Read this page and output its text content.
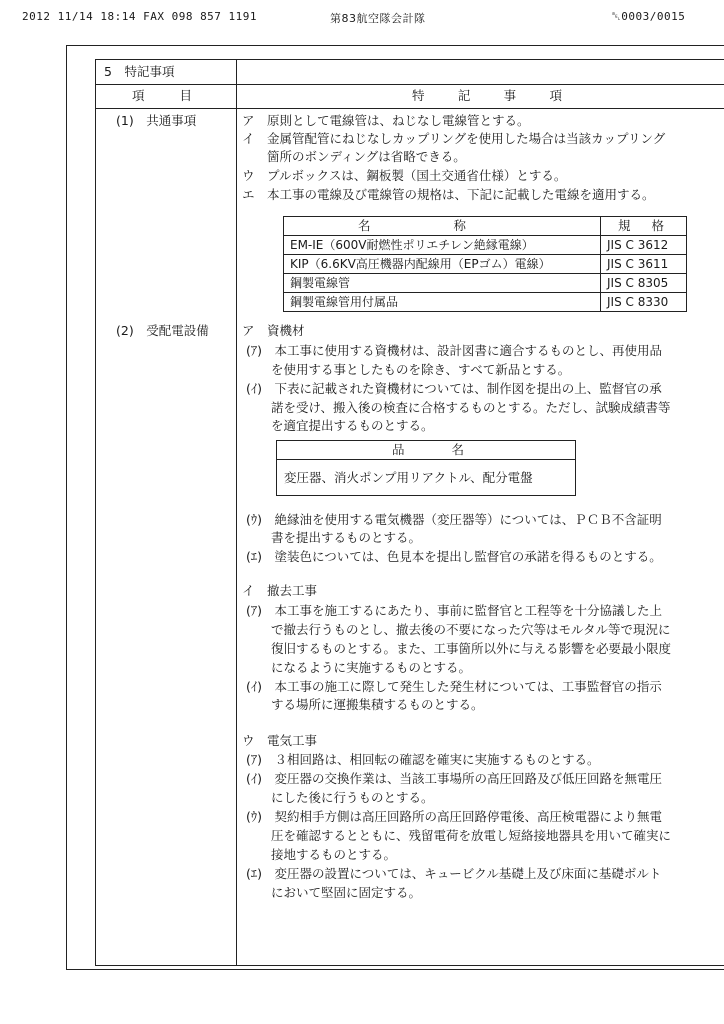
2012 11/14 18:14 FAX 098 857 1191	第83航空隊会計隊	␇0003/0015
5　特記事項
項	目	特	記	事	項
(1)　共通事項	ア　原則として電線管は、ねじなし電線管とする。
イ　金属管配管にねじなしカップリングを使用した場合は当該カップリング
　　箇所のボンディングは省略できる。
ウ　プルボックスは、鋼板製（国土交通省仕様）とする。
エ　本工事の電線及び電線管の規格は、下記に記載した電線を適用する。
名	称	規 格
EM-IE（600V耐燃性ポリエチレン絶縁電線）	JIS C 3612
KIP（6.6KV高圧機器内配線用（EPゴム）電線）	JIS C 3611
鋼製電線管	JIS C 8305
鋼製電線管用付属品	JIS C 8330
(2)　受配電設備	ア　資機材
(ｱ)　本工事に使用する資機材は、設計図書に適合するものとし、再使用品
　　を使用する事としたものを除き、すべて新品とする。
(ｲ)　下表に記載された資機材については、制作図を提出の上、監督官の承
　　諾を受け、搬入後の検査に合格するものとする。ただし、試験成績書等
　　を適宜提出するものとする。
品	名
変圧器、消火ポンプ用リアクトル、配分電盤
(ｳ)　絶縁油を使用する電気機器（変圧器等）については、ＰＣＢ不含証明
　　書を提出するものとする。
(ｴ)　塗装色については、色見本を提出し監督官の承諾を得るものとする。
イ　撤去工事
(ｱ)　本工事を施工するにあたり、事前に監督官と工程等を十分協議した上
　　で撤去行うものとし、撤去後の不要になった穴等はモルタル等で現況に
　　復旧するものとする。また、工事箇所以外に与える影響を必要最小限度
　　になるように実施するものとする。
(ｲ)　本工事の施工に際して発生した発生材については、工事監督官の指示
　　する場所に運搬集積するものとする。
ウ　電気工事
(ｱ)　３相回路は、相回転の確認を確実に実施するものとする。
(ｲ)　変圧器の交換作業は、当該工事場所の高圧回路及び低圧回路を無電圧
　　にした後に行うものとする。
(ｳ)　契約相手方側は高圧回路所の高圧回路停電後、高圧検電器により無電
　　圧を確認するとともに、残留電荷を放電し短絡接地器具を用いて確実に
　　接地するものとする。
(ｴ)　変圧器の設置については、キュービクル基礎上及び床面に基礎ボルト
　　において堅固に固定する。
